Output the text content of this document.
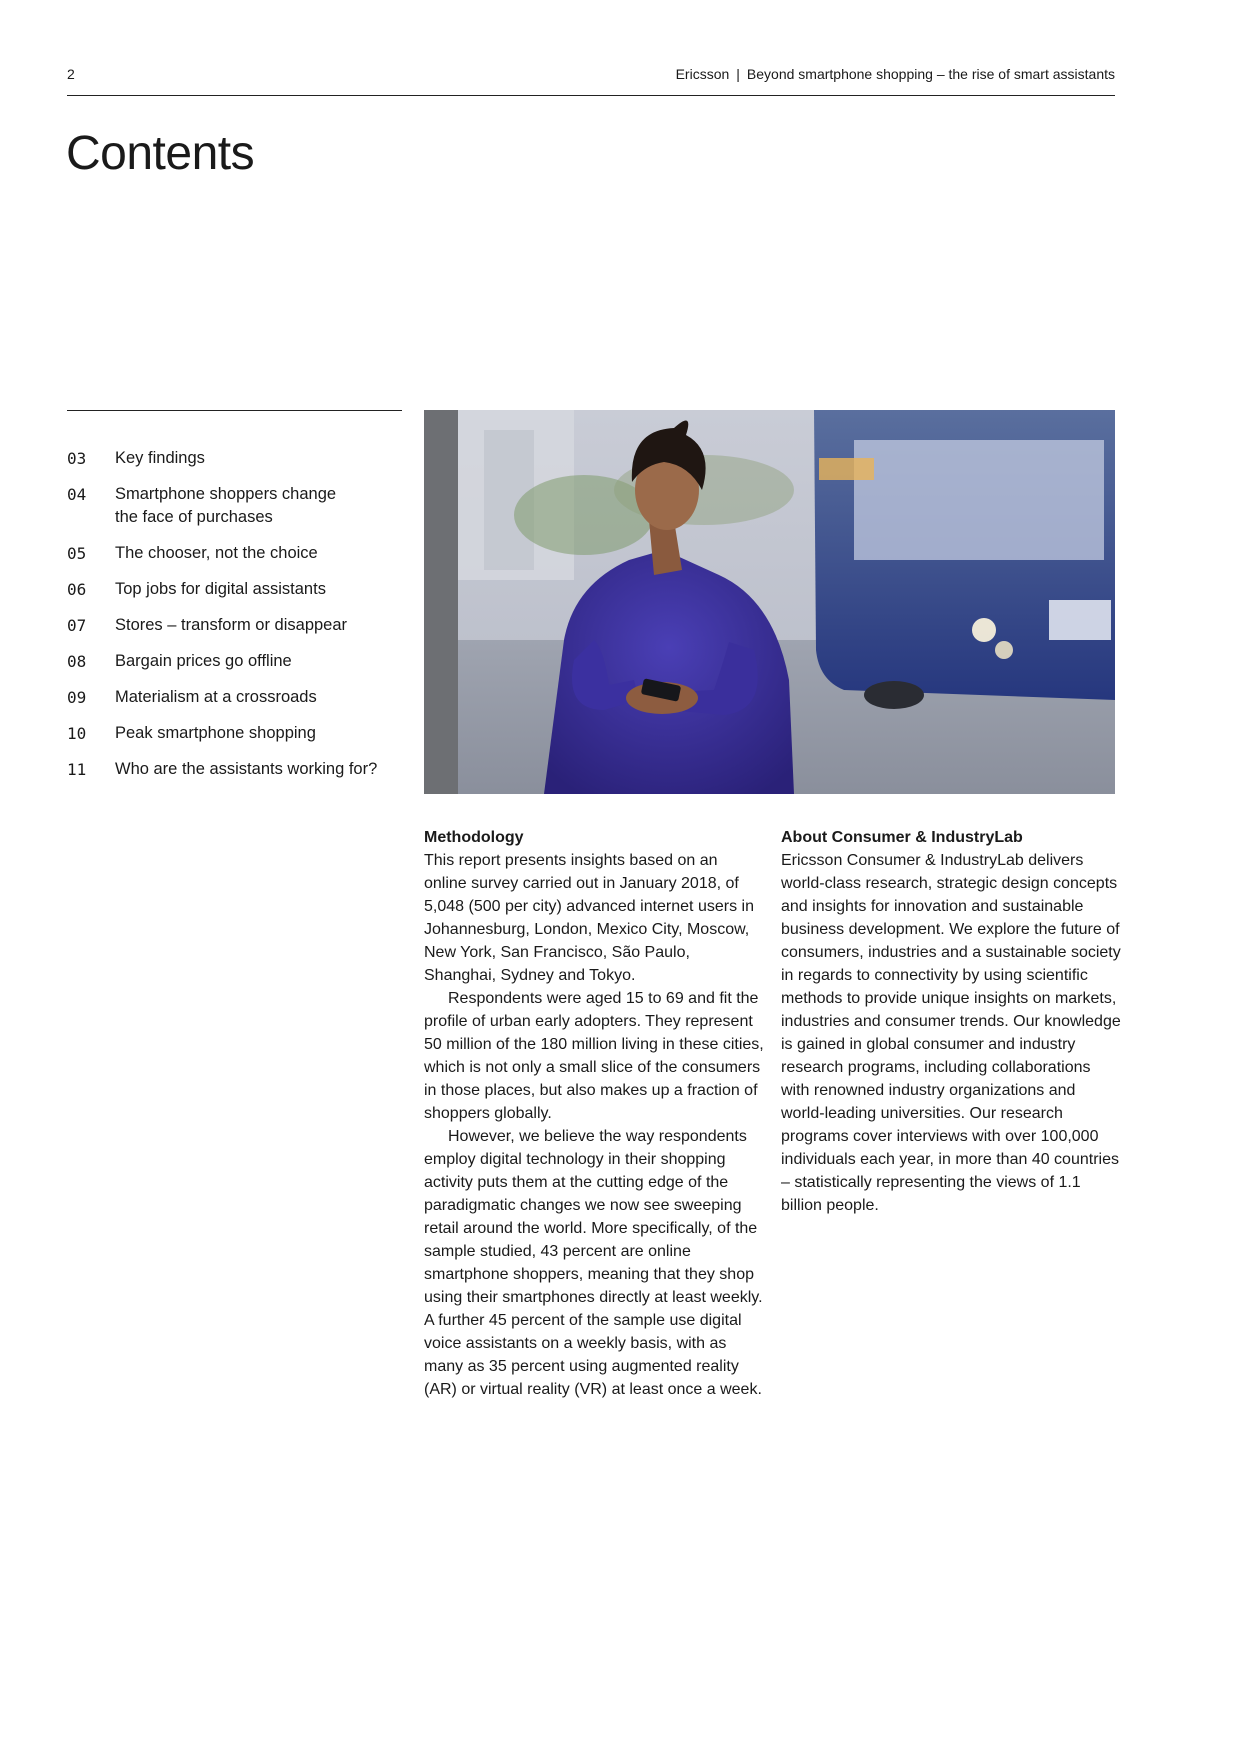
2	Ericsson | Beyond smartphone shopping – the rise of smart assistants
Contents
03	Key findings
04	Smartphone shoppers change the face of purchases
05	The chooser, not the choice
06	Top jobs for digital assistants
07	Stores – transform or disappear
08	Bargain prices go offline
09	Materialism at a crossroads
10	Peak smartphone shopping
11	Who are the assistants working for?
Methodology

This report presents insights based on an online survey carried out in January 2018, of 5,048 (500 per city) advanced internet users in Johannesburg, London, Mexico City, Moscow, New York, San Francisco, São Paulo, Shanghai, Sydney and Tokyo.

Respondents were aged 15 to 69 and fit the profile of urban early adopters. They represent 50 million of the 180 million living in these cities, which is not only a small slice of the consumers in those places, but also makes up a fraction of shoppers globally.

However, we believe the way respondents employ digital technology in their shopping activity puts them at the cutting edge of the paradigmatic changes we now see sweeping retail around the world. More specifically, of the sample studied, 43 percent are online smartphone shoppers, meaning that they shop using their smartphones directly at least weekly. A further 45 percent of the sample use digital voice assistants on a weekly basis, with as many as 35 percent using augmented reality (AR) or virtual reality (VR) at least once a week.

About Consumer & IndustryLab

Ericsson Consumer & IndustryLab delivers world-class research, strategic design concepts and insights for innovation and sustainable business development. We explore the future of consumers, industries and a sustainable society in regards to connectivity by using scientific methods to provide unique insights on markets, industries and consumer trends. Our knowledge is gained in global consumer and industry research programs, including collaborations with renowned industry organizations and world-leading universities. Our research programs cover interviews with over 100,000 individuals each year, in more than 40 countries – statistically representing the views of 1.1 billion people.
